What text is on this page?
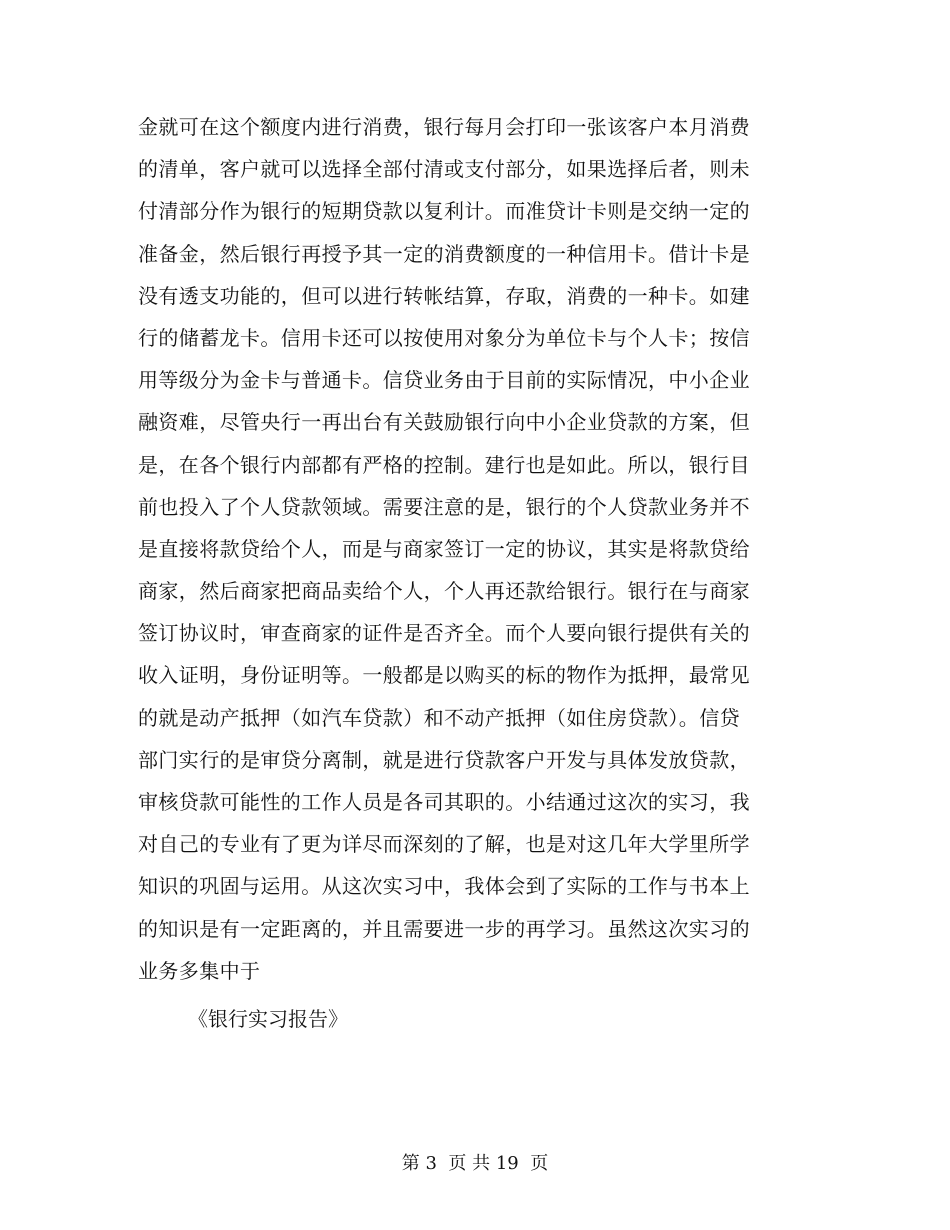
金就可在这个额度内进行消费，银行每月会打印一张该客户本月消费
的清单，客户就可以选择全部付清或支付部分，如果选择后者，则未
付清部分作为银行的短期贷款以复利计。而准贷计卡则是交纳一定的
准备金，然后银行再授予其一定的消费额度的一种信用卡。借计卡是
没有透支功能的，但可以进行转帐结算，存取，消费的一种卡。如建
行的储蓄龙卡。信用卡还可以按使用对象分为单位卡与个人卡；按信
用等级分为金卡与普通卡。信贷业务由于目前的实际情况，中小企业
融资难，尽管央行一再出台有关鼓励银行向中小企业贷款的方案，但
是，在各个银行内部都有严格的控制。建行也是如此。所以，银行目
前也投入了个人贷款领域。需要注意的是，银行的个人贷款业务并不
是直接将款贷给个人，而是与商家签订一定的协议，其实是将款贷给
商家，然后商家把商品卖给个人，个人再还款给银行。银行在与商家
签订协议时，审查商家的证件是否齐全。而个人要向银行提供有关的
收入证明，身份证明等。一般都是以购买的标的物作为抵押，最常见
的就是动产抵押（如汽车贷款）和不动产抵押（如住房贷款）。信贷
部门实行的是审贷分离制，就是进行贷款客户开发与具体发放贷款，
审核贷款可能性的工作人员是各司其职的。小结通过这次的实习，我
对自己的专业有了更为详尽而深刻的了解，也是对这几年大学里所学
知识的巩固与运用。从这次实习中，我体会到了实际的工作与书本上
的知识是有一定距离的，并且需要进一步的再学习。虽然这次实习的
业务多集中于
《银行实习报告》
第 3  页 共 19  页
